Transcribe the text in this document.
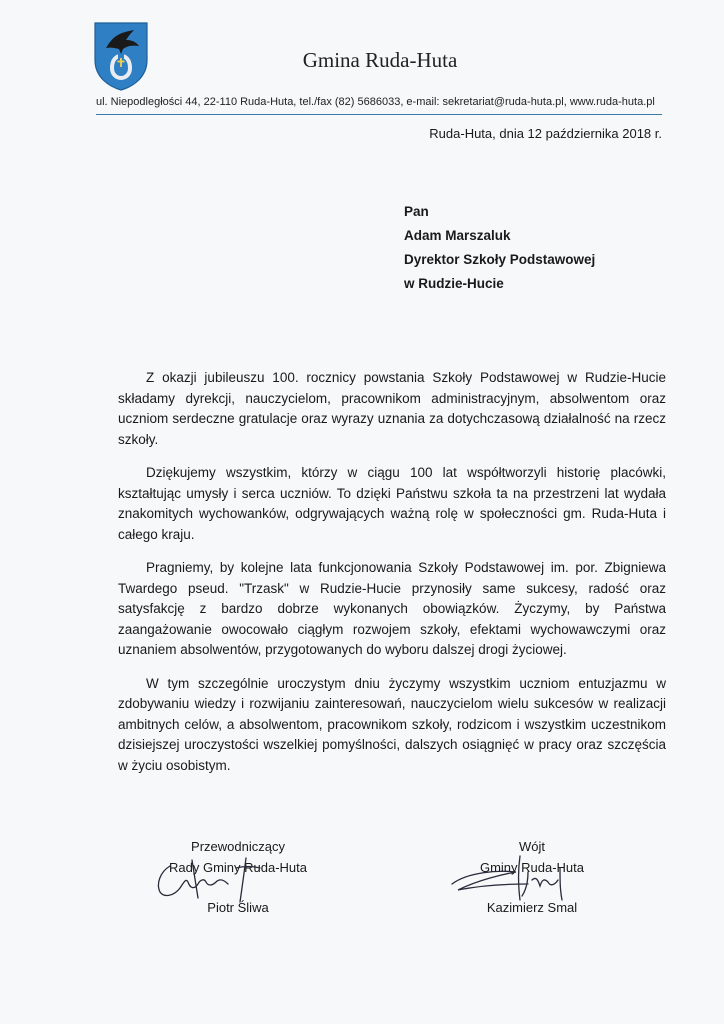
Gmina Ruda-Huta
ul. Niepodległości 44, 22-110 Ruda-Huta, tel./fax (82) 5686033, e-mail: sekretariat@ruda-huta.pl, www.ruda-huta.pl
Ruda-Huta, dnia 12 października 2018 r.
Pan
Adam Marszaluk
Dyrektor Szkoły Podstawowej
w Rudzie-Hucie

Z okazji jubileuszu 100. rocznicy powstania Szkoły Podstawowej w Rudzie-Hucie składamy dyrekcji, nauczycielom, pracownikom administracyjnym, absolwentom oraz uczniom serdeczne gratulacje oraz wyrazy uznania za dotychczasową działalność na rzecz szkoły.

Dziękujemy wszystkim, którzy w ciągu 100 lat współtworzyli historię placówki, kształtując umysły i serca uczniów. To dzięki Państwu szkoła ta na przestrzeni lat wydała znakomitych wychowanków, odgrywających ważną rolę w społeczności gm. Ruda-Huta i całego kraju.

Pragniemy, by kolejne lata funkcjonowania Szkoły Podstawowej im. por. Zbigniewa Twardego pseud. "Trzask" w Rudzie-Hucie przynosiły same sukcesy, radość oraz satysfakcję z bardzo dobrze wykonanych obowiązków. Życzymy, by Państwa zaangażowanie owocowało ciągłym rozwojem szkoły, efektami wychowawczymi oraz uznaniem absolwentów, przygotowanych do wyboru dalszej drogi życiowej.

W tym szczególnie uroczystym dniu życzymy wszystkim uczniom entuzjazmu w zdobywaniu wiedzy i rozwijaniu zainteresowań, nauczycielom wielu sukcesów w realizacji ambitnych celów, a absolwentom, pracownikom szkoły, rodzicom i wszystkim uczestnikom dzisiejszej uroczystości wszelkiej pomyślności, dalszych osiągnięć w pracy oraz szczęścia w życiu osobistym.

Przewodniczący
Rady Gminy Ruda-Huta
Piotr Śliwa
Wójt
Gminy Ruda-Huta
Kazimierz Smal
